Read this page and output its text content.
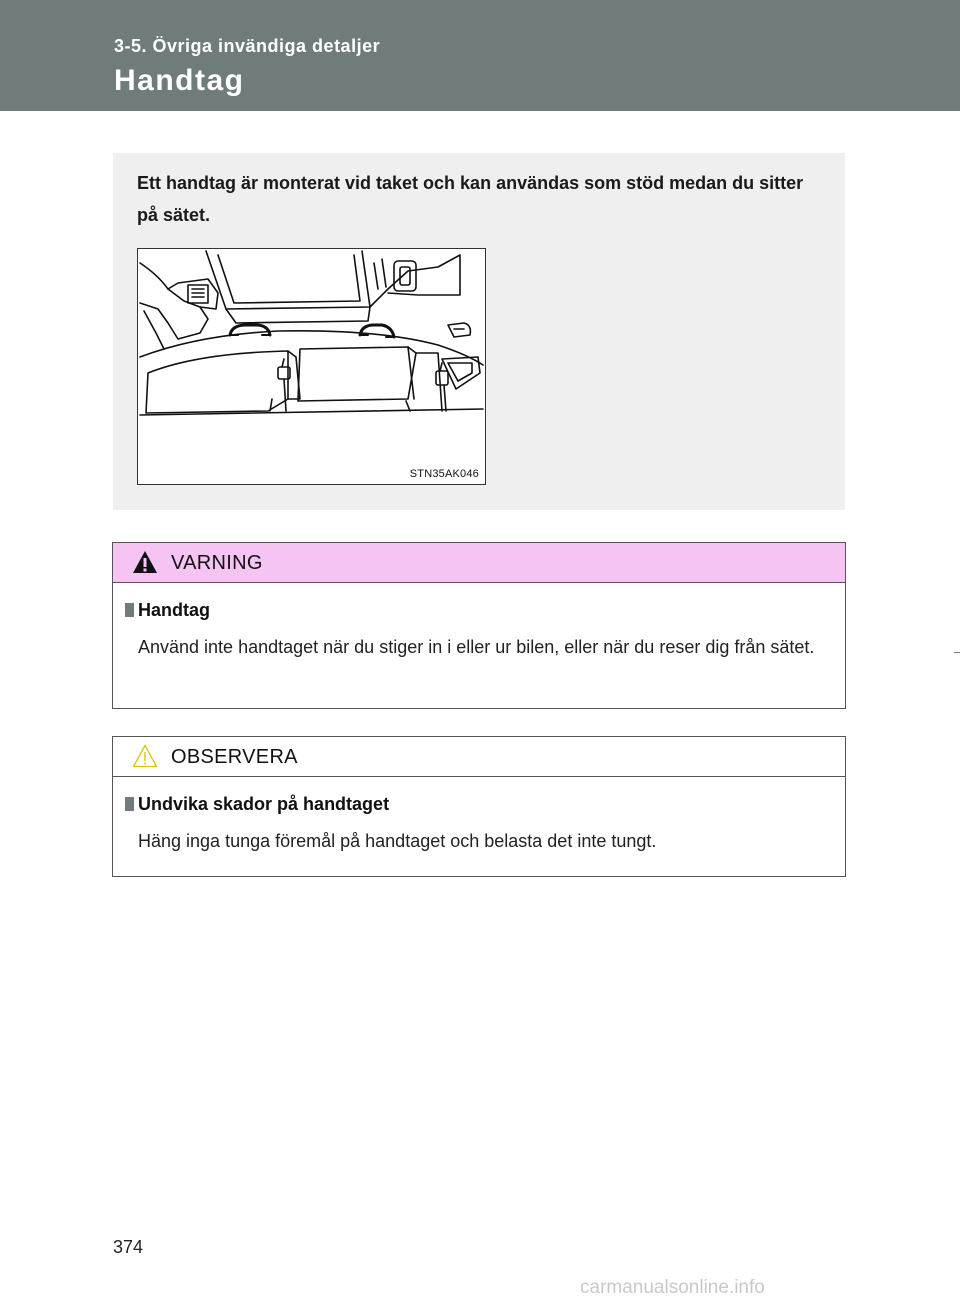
3-5. Övriga invändiga detaljer
Handtag
Ett handtag är monterat vid taket och kan användas som stöd medan du sitter på sätet.
STN35AK046
VARNING
Handtag
Använd inte handtaget när du stiger in i eller ur bilen, eller när du reser dig från sätet.
OBSERVERA
Undvika skador på handtaget
Häng inga tunga föremål på handtaget och belasta det inte tungt.
374
carmanualsonline.info
